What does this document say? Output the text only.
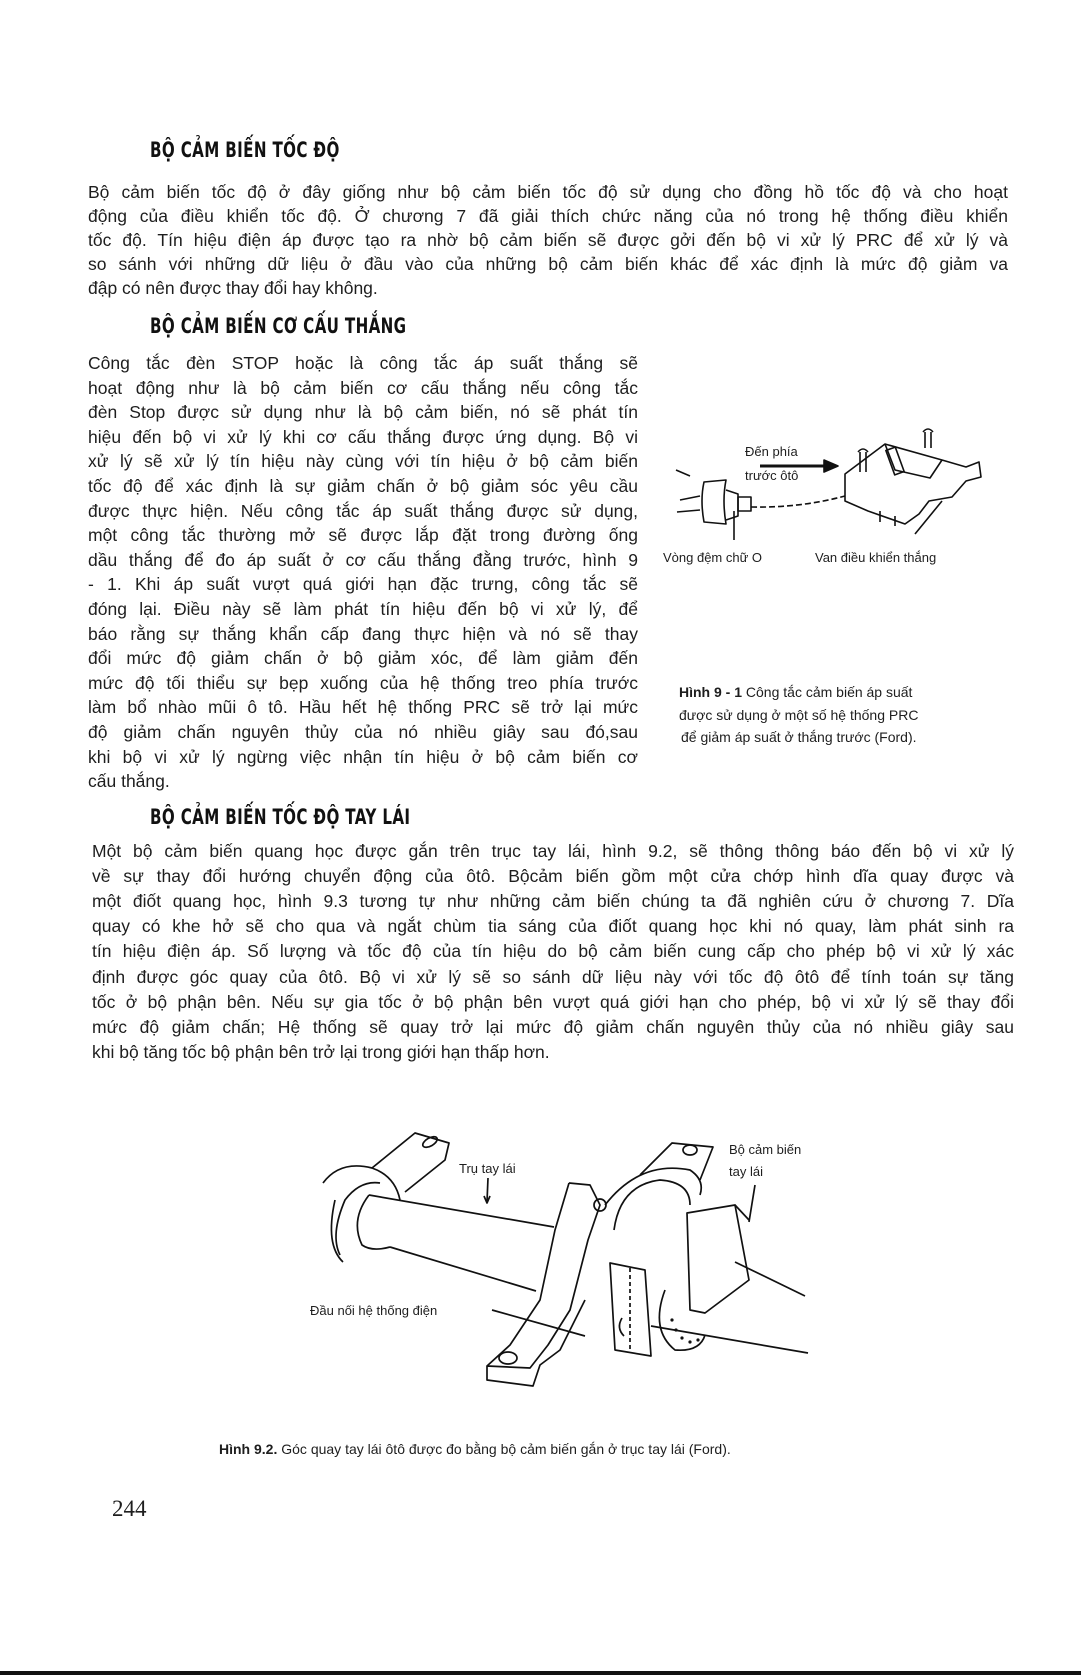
BỘ CẢM BIẾN TỐC ĐỘ
BỘ CẢM BIẾN CƠ CẤU THẮNG
BỘ CẢM BIẾN TỐC ĐỘ TAY LÁI
Bộ cảm biến tốc độ ở đây giống như bộ cảm biến tốc độ sử dụng cho đồng hồ tốc độ và cho hoạt
động của điều khiển tốc độ. Ở chương 7 đã giải thích chức năng của nó trong hệ thống điều khiển
tốc độ. Tín hiệu điện áp được tạo ra nhờ bộ cảm biến sẽ được gởi đến bộ vi xử lý PRC để xử lý và
so sánh với những dữ liệu ở đầu vào của những bộ cảm biến khác để xác định là mức độ giảm va
đập có nên được thay đổi hay không.
Công tắc đèn STOP hoặc là công tắc áp suất thắng sẽ
hoạt động như là bộ cảm biến cơ cấu thắng nếu công tắc
đèn Stop được sử dụng như là bộ cảm biến, nó sẽ phát tín
hiệu đến bộ vi xử lý khi cơ cấu thắng được ứng dụng. Bộ vi
xử lý sẽ xử lý tín hiệu này cùng với tín hiệu ở bộ cảm biến
tốc độ để xác định là sự giảm chấn ở bộ giảm sóc yêu cầu
được thực hiện. Nếu công tắc áp suất thắng được sử dụng,
một công tắc thường mở sẽ được lắp đặt trong đường ống
dầu thắng để đo áp suất ở cơ cấu thắng đằng trước, hình 9
- 1. Khi áp suất vượt quá giới hạn đặc trưng, công tắc sẽ
đóng lại. Điều này sẽ làm phát tín hiệu đến bộ vi xử lý, để
báo rằng sự thắng khẩn cấp đang thực hiện và nó sẽ thay
đổi mức độ giảm chấn ở bộ giảm xóc, để làm giảm đến
mức độ tối thiểu sự bẹp xuống của hệ thống treo phía trước
làm bổ nhào mũi ô tô. Hầu hết hệ thống PRC sẽ trở lại mức
độ giảm chấn nguyên thủy của nó nhiều giây sau đó,sau
khi bộ vi xử lý ngừng việc nhận tín hiệu ở bộ cảm biến cơ
cấu thắng.
Một bộ cảm biến quang học được gắn trên trục tay lái, hình 9.2, sẽ thông thông báo đến bộ vi xử lý
về sự thay đổi hướng chuyển động của ôtô. Bộcảm biến gồm một cửa chớp hình dĩa quay được và
một điốt quang học, hình 9.3 tương tự như những cảm biến chúng ta đã nghiên cứu ở chương 7. Dĩa
quay có khe hở sẽ cho qua và ngắt chùm tia sáng của điốt quang học khi nó quay, làm phát sinh ra
tín hiệu điện áp. Số lượng và tốc độ của tín hiệu do bộ cảm biến cung cấp cho phép bộ vi xử lý xác
định được góc quay của ôtô. Bộ vi xử lý sẽ so sánh dữ liệu này với tốc độ ôtô để tính toán sự tăng
tốc ở bộ phận bên. Nếu sự gia tốc ở bộ phận bên vượt quá giới hạn cho phép, bộ vi xử lý sẽ thay đổi
mức độ giảm chấn; Hệ thống sẽ quay trở lại mức độ giảm chấn nguyên thủy của nó nhiều giây sau
khi bộ tăng tốc bộ phận bên trở lại trong giới hạn thấp hơn.
Đến phía
trước ôtô
Vòng đệm chữ O	Van điều khiển thắng
Hình 9 - 1 Công tắc cảm biến áp suất
được sử dụng ở một số hệ thống PRC
để giảm áp suất ở thắng trước (Ford).
Trụ tay lái
Bộ cảm biến
tay lái
Đầu nối hệ thống điện
Hình 9.2. Góc quay tay lái ôtô được đo bằng bộ cảm biến gắn ở trục tay lái (Ford).
244
